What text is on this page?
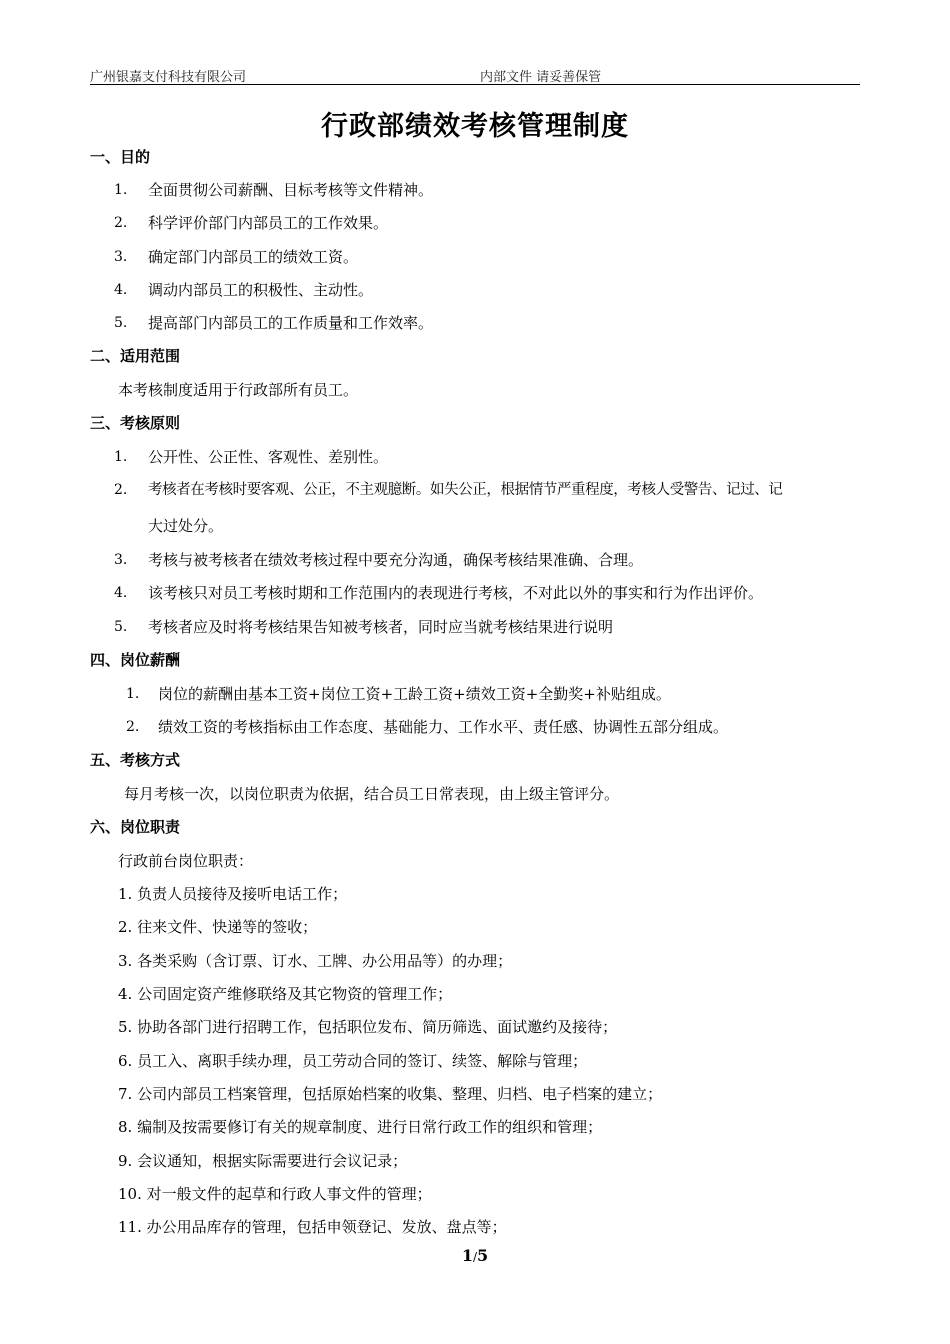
广州银嘉支付科技有限公司	内部文件 请妥善保管
行政部绩效考核管理制度
一、目的
1. 全面贯彻公司薪酬、目标考核等文件精神。
2. 科学评价部门内部员工的工作效果。
3. 确定部门内部员工的绩效工资。
4. 调动内部员工的积极性、主动性。
5. 提高部门内部员工的工作质量和工作效率。
二、适用范围
本考核制度适用于行政部所有员工。
三、考核原则
1. 公开性、公正性、客观性、差别性。
2. 考核者在考核时要客观、公正，不主观臆断。如失公正，根据情节严重程度，考核人受警告、记过、记
大过处分。
3. 考核与被考核者在绩效考核过程中要充分沟通，确保考核结果准确、合理。
4. 该考核只对员工考核时期和工作范围内的表现进行考核，不对此以外的事实和行为作出评价。
5. 考核者应及时将考核结果告知被考核者，同时应当就考核结果进行说明
四、岗位薪酬
1. 岗位的薪酬由基本工资+岗位工资+工龄工资+绩效工资+全勤奖+补贴组成。
2. 绩效工资的考核指标由工作态度、基础能力、工作水平、责任感、协调性五部分组成。
五、考核方式
每月考核一次，以岗位职责为依据，结合员工日常表现，由上级主管评分。
六、岗位职责
行政前台岗位职责：
1. 负责人员接待及接听电话工作；
2. 往来文件、快递等的签收；
3. 各类采购（含订票、订水、工牌、办公用品等）的办理；
4. 公司固定资产维修联络及其它物资的管理工作；
5. 协助各部门进行招聘工作，包括职位发布、简历筛选、面试邀约及接待；
6. 员工入、离职手续办理，员工劳动合同的签订、续签、解除与管理；
7. 公司内部员工档案管理，包括原始档案的收集、整理、归档、电子档案的建立；
8. 编制及按需要修订有关的规章制度、进行日常行政工作的组织和管理；
9. 会议通知，根据实际需要进行会议记录；
10. 对一般文件的起草和行政人事文件的管理；
11. 办公用品库存的管理，包括申领登记、发放、盘点等；
1/5
